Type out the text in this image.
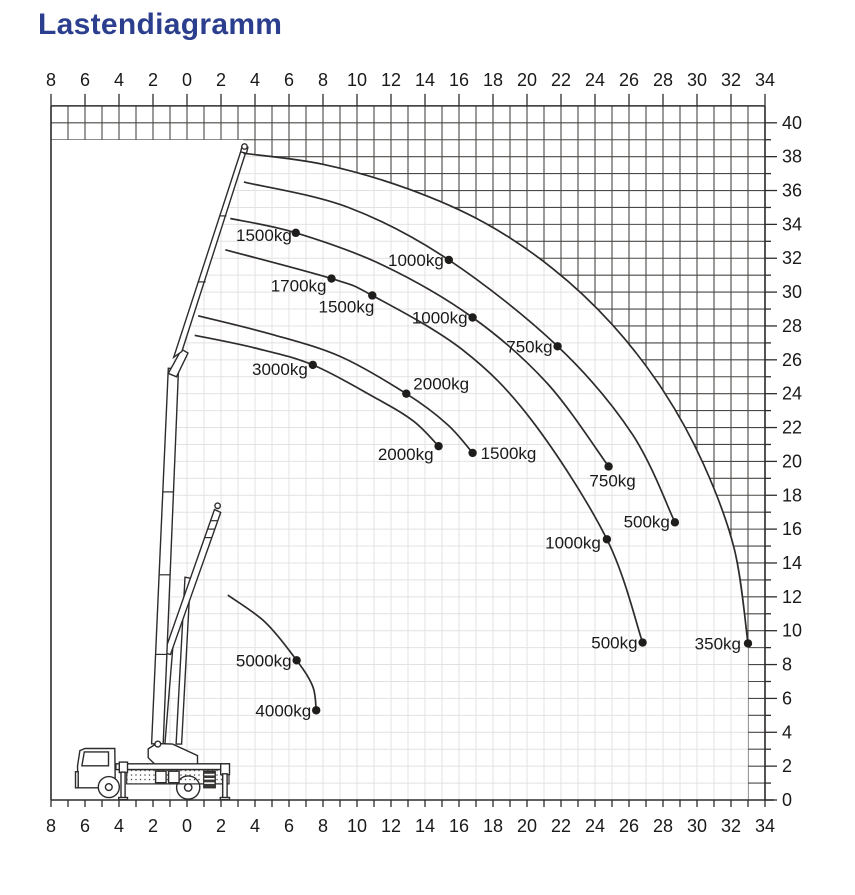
Lastendiagramm
8
8
6
6
4
4
2
2
0
0
2
2
4
4
6
6
8
8
10
10
12
12
14
14
16
16
18
18
20
20
22
22
24
24
26
26
28
28
30
30
32
32
34
34
0
2
4
6
8
10
12
14
16
18
20
22
24
26
28
30
32
34
36
38
40
350kg
1000kg
750kg
500kg
1500kg
1000kg
750kg
1700kg
1500kg
1000kg
500kg
2000kg
1500kg
3000kg
2000kg
5000kg
4000kg
